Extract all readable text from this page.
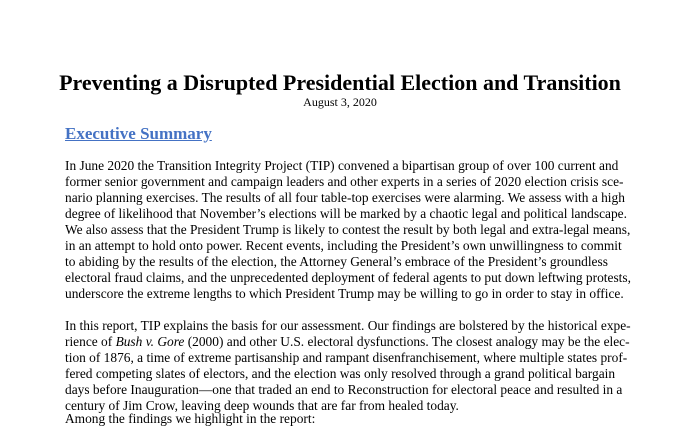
Preventing a Disrupted Presidential Election and Transition
August 3, 2020
Executive Summary
In June 2020 the Transition Integrity Project (TIP) convened a bipartisan group of over 100 current and
former senior government and campaign leaders and other experts in a series of 2020 election crisis sce-
nario planning exercises. The results of all four table-top exercises were alarming. We assess with a high
degree of likelihood that November’s elections will be marked by a chaotic legal and political landscape.
We also assess that the President Trump is likely to contest the result by both legal and extra-legal means,
in an attempt to hold onto power. Recent events, including the President’s own unwillingness to commit
to abiding by the results of the election, the Attorney General’s embrace of the President’s groundless
electoral fraud claims, and the unprecedented deployment of federal agents to put down leftwing protests,
underscore the extreme lengths to which President Trump may be willing to go in order to stay in office.
In this report, TIP explains the basis for our assessment. Our findings are bolstered by the historical expe-
rience of Bush v. Gore (2000) and other U.S. electoral dysfunctions. The closest analogy may be the elec-
tion of 1876, a time of extreme partisanship and rampant disenfranchisement, where multiple states prof-
fered competing slates of electors, and the election was only resolved through a grand political bargain
days before Inauguration—one that traded an end to Reconstruction for electoral peace and resulted in a
century of Jim Crow, leaving deep wounds that are far from healed today.
Among the findings we highlight in the report:
